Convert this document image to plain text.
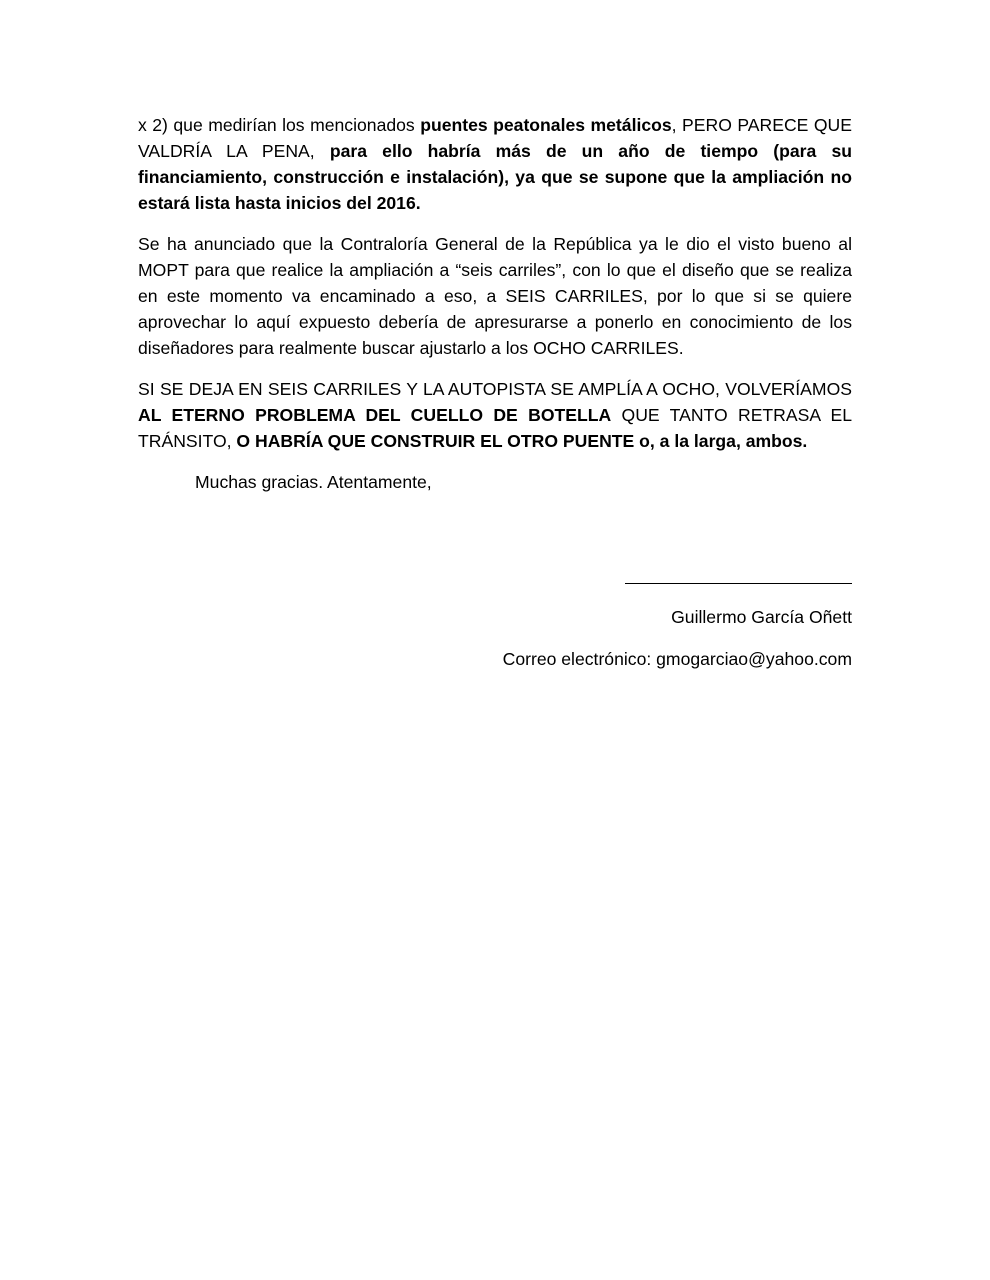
x 2) que medirían los mencionados puentes peatonales metálicos, PERO PARECE QUE VALDRÍA LA PENA, para ello habría más de un año de tiempo (para su financiamiento, construcción e instalación), ya que se supone que la ampliación no estará lista hasta inicios del 2016.

Se ha anunciado que la Contraloría General de la República ya le dio el visto bueno al MOPT para que realice la ampliación a “seis carriles”, con lo que el diseño que se realiza en este momento va encaminado a eso, a SEIS CARRILES, por lo que si se quiere aprovechar lo aquí expuesto debería de apresurarse a ponerlo en conocimiento de los diseñadores para realmente buscar ajustarlo a los OCHO CARRILES.

SI SE DEJA EN SEIS CARRILES Y LA AUTOPISTA SE AMPLÍA A OCHO, VOLVERÍAMOS AL ETERNO PROBLEMA DEL CUELLO DE BOTELLA QUE TANTO RETRASA EL TRÁNSITO, O HABRÍA QUE CONSTRUIR EL OTRO PUENTE o, a la larga, ambos.

Muchas gracias. Atentamente,

Guillermo García Oñett
Correo electrónico: gmogarciao@yahoo.com
